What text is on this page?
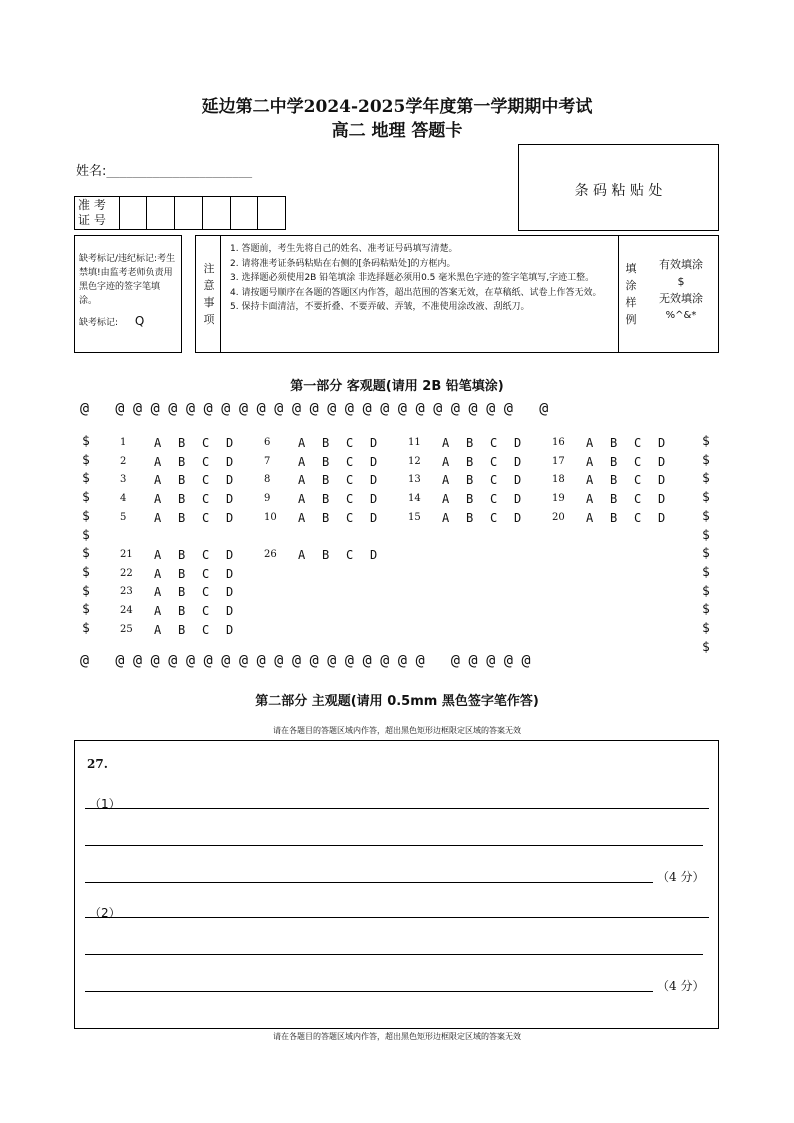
延边第二中学2024-2025学年度第一学期期中考试
高二 地理 答题卡
姓名:______________________
条 码 粘 贴 处
准 考
证 号
缺考标记/违纪标记:考生禁填!由监考老师负责用黑色字迹的签字笔填涂。
缺考标记: Q
注 意 事 项
1. 答题前，考生先将自己的姓名、准考证号码填写清楚。
2. 请将准考证条码粘贴在右侧的[条码粘贴处]的方框内。
3. 选择题必须使用2B 铅笔填涂 非选择题必须用0.5 毫米黑色字迹的签字笔填写,字迹工整。
4. 请按题号顺序在各题的答题区内作答，超出范围的答案无效，在草稿纸、试卷上作答无效。
5. 保持卡面清洁，不要折叠、不要弄破、弄皱，不准使用涂改液、刮纸刀。
填 涂 样 例
有效填涂
$
无效填涂
%^&*
第一部分 客观题(请用 2B 铅笔填涂)
@   @ @ @ @ @ @ @ @ @ @ @ @ @ @ @ @ @ @ @ @ @ @ @   @
@   @ @ @ @ @ @ @ @ @ @ @ @ @ @ @ @ @ @   @ @ @ @ @
1 A B C D
2 A B C D
3 A B C D
4 A B C D
5 A B C D
6 A B C D
7 A B C D
8 A B C D
9 A B C D
10 A B C D
11 A B C D
12 A B C D
13 A B C D
14 A B C D
15 A B C D
16 A B C D
17 A B C D
18 A B C D
19 A B C D
20 A B C D
21 A B C D
22 A B C D
23 A B C D
24 A B C D
25 A B C D
26 A B C D
$
$
$
$
$
$
$
$
$
$
$
$
$
$
$
$
$
$
$
$
$
$
$
第二部分 主观题(请用 0.5mm 黑色签字笔作答)
请在各题目的答题区域内作答，超出黑色矩形边框限定区域的答案无效
27.
（1）
（4 分）
（2）
（4 分）
请在各题目的答题区域内作答，超出黑色矩形边框限定区域的答案无效
